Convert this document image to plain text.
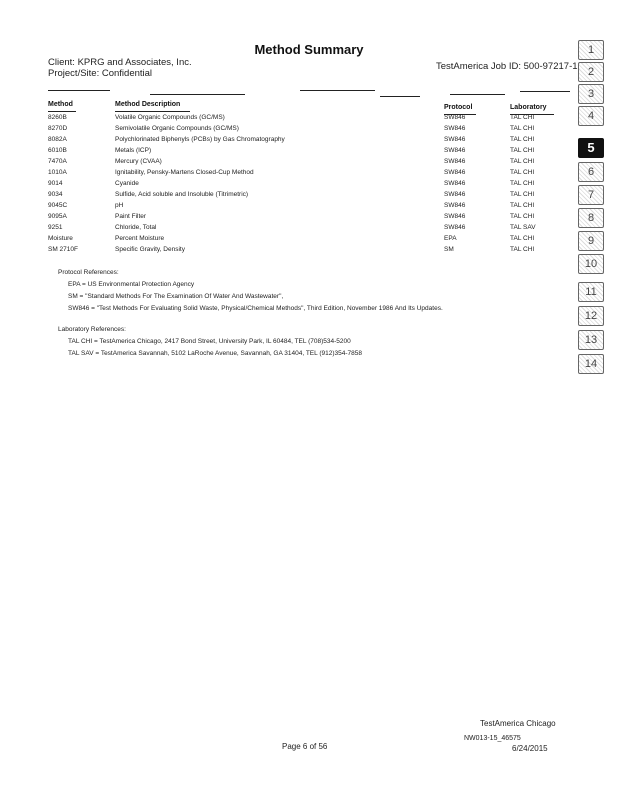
Method Summary
Client: KPRG and Associates, Inc.
Project/Site: Confidential
TestAmerica Job ID: 500-97217-1
Method	Method Description	Protocol	Laboratory
8260B	Volatile Organic Compounds (GC/MS)	SW846	TAL CHI
8270D	Semivolatile Organic Compounds (GC/MS)	SW846	TAL CHI
8082A	Polychlorinated Biphenyls (PCBs) by Gas Chromatography	SW846	TAL CHI
6010B	Metals (ICP)	SW846	TAL CHI
7470A	Mercury (CVAA)	SW846	TAL CHI
1010A	Ignitability, Pensky-Martens Closed-Cup Method	SW846	TAL CHI
9014	Cyanide	SW846	TAL CHI
9034	Sulfide, Acid soluble and Insoluble (Titrimetric)	SW846	TAL CHI
9045C	pH	SW846	TAL CHI
9095A	Paint Filter	SW846	TAL CHI
9251	Chloride, Total	SW846	TAL SAV
Moisture	Percent Moisture	EPA	TAL CHI
SM 2710F	Specific Gravity, Density	SM	TAL CHI
Protocol References:
EPA = US Environmental Protection Agency
SM = "Standard Methods For The Examination Of Water And Wastewater",
SW846 = "Test Methods For Evaluating Solid Waste, Physical/Chemical Methods", Third Edition, November 1986 And Its Updates.
Laboratory References:
TAL CHI = TestAmerica Chicago, 2417 Bond Street, University Park, IL 60484, TEL (708)534-5200
TAL SAV = TestAmerica Savannah, 5102 LaRoche Avenue, Savannah, GA 31404, TEL (912)354-7858
1
2
3
4
5
6
7
8
9
10
11
12
13
14
TestAmerica Chicago
Page 6 of 56
NW013-15_46575
6/24/2015
